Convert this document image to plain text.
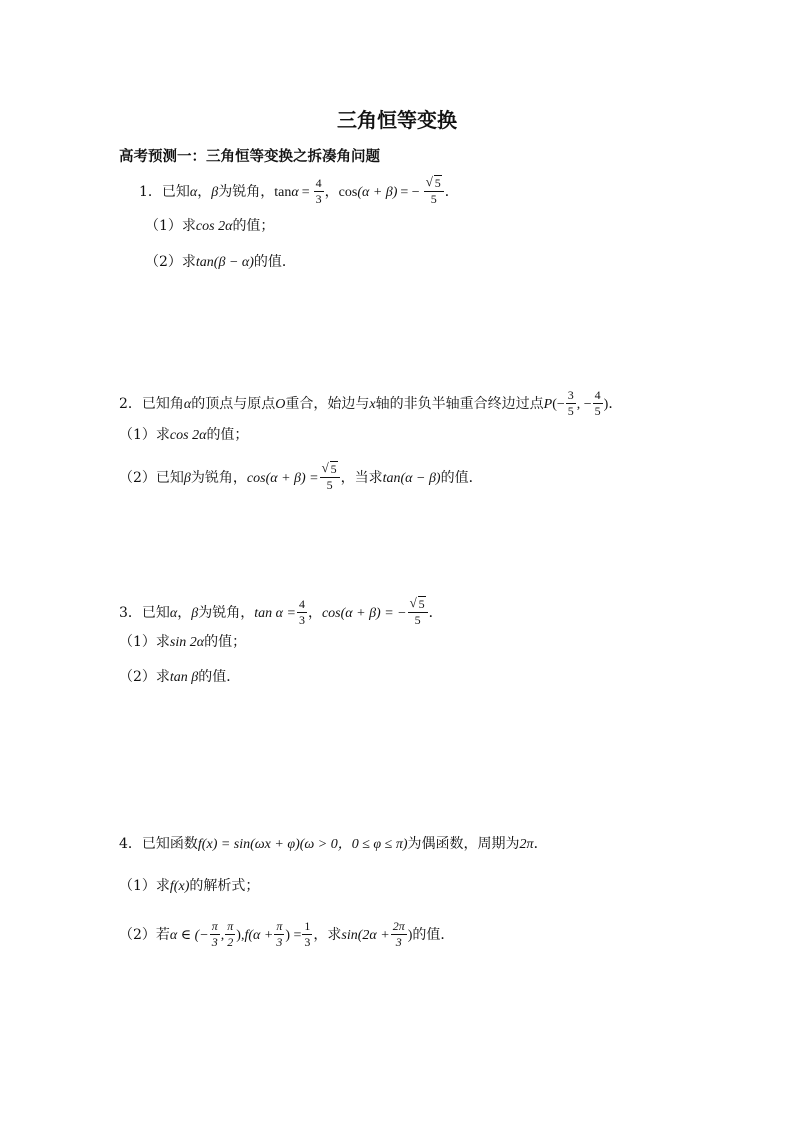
三角恒等变换
高考预测一：三角恒等变换之拆凑角问题
1．已知α，β为锐角，$\tan\alpha = \frac{4}{3}$ ，cos(α + β) = − $\frac{√ 5}{5}$ ．
（1）求cos 2α的值；
（2）求tan(β − α)的值．
2．已知角α的顶点与原点O重合，始边与x轴的非负半轴重合终边过点$P(- \frac{3}{5}$ , − $\frac{4}{5}$ )．
（1）求cos 2α的值；
（2）已知β为锐角，$\cos(\alpha + \beta) = \frac{√ 5}{5}$ ，当求tan(α − β)的值．
3．已知α，β为锐角，$\tan \alpha = \frac{4}{3}$ ，cos(α + β) = − $\frac{√ 5}{5}$ ．
（1）求sin 2α的值；
（2）求tan β的值．
4．已知函数f(x) = sin(ωx + φ)(ω > 0，0 ≤ φ ≤ π)为偶函数，周期为2π．
（1）求f(x)的解析式；
（2）若α ∈ (− $\frac{\pi}{3}$ , $\frac{\pi}{2} ),f(\alpha + \frac{\pi}{3}$ ) = $\frac{1}{3}$ ，求$\sin(2\alpha + \frac{2\pi}{3}$ )的值．
